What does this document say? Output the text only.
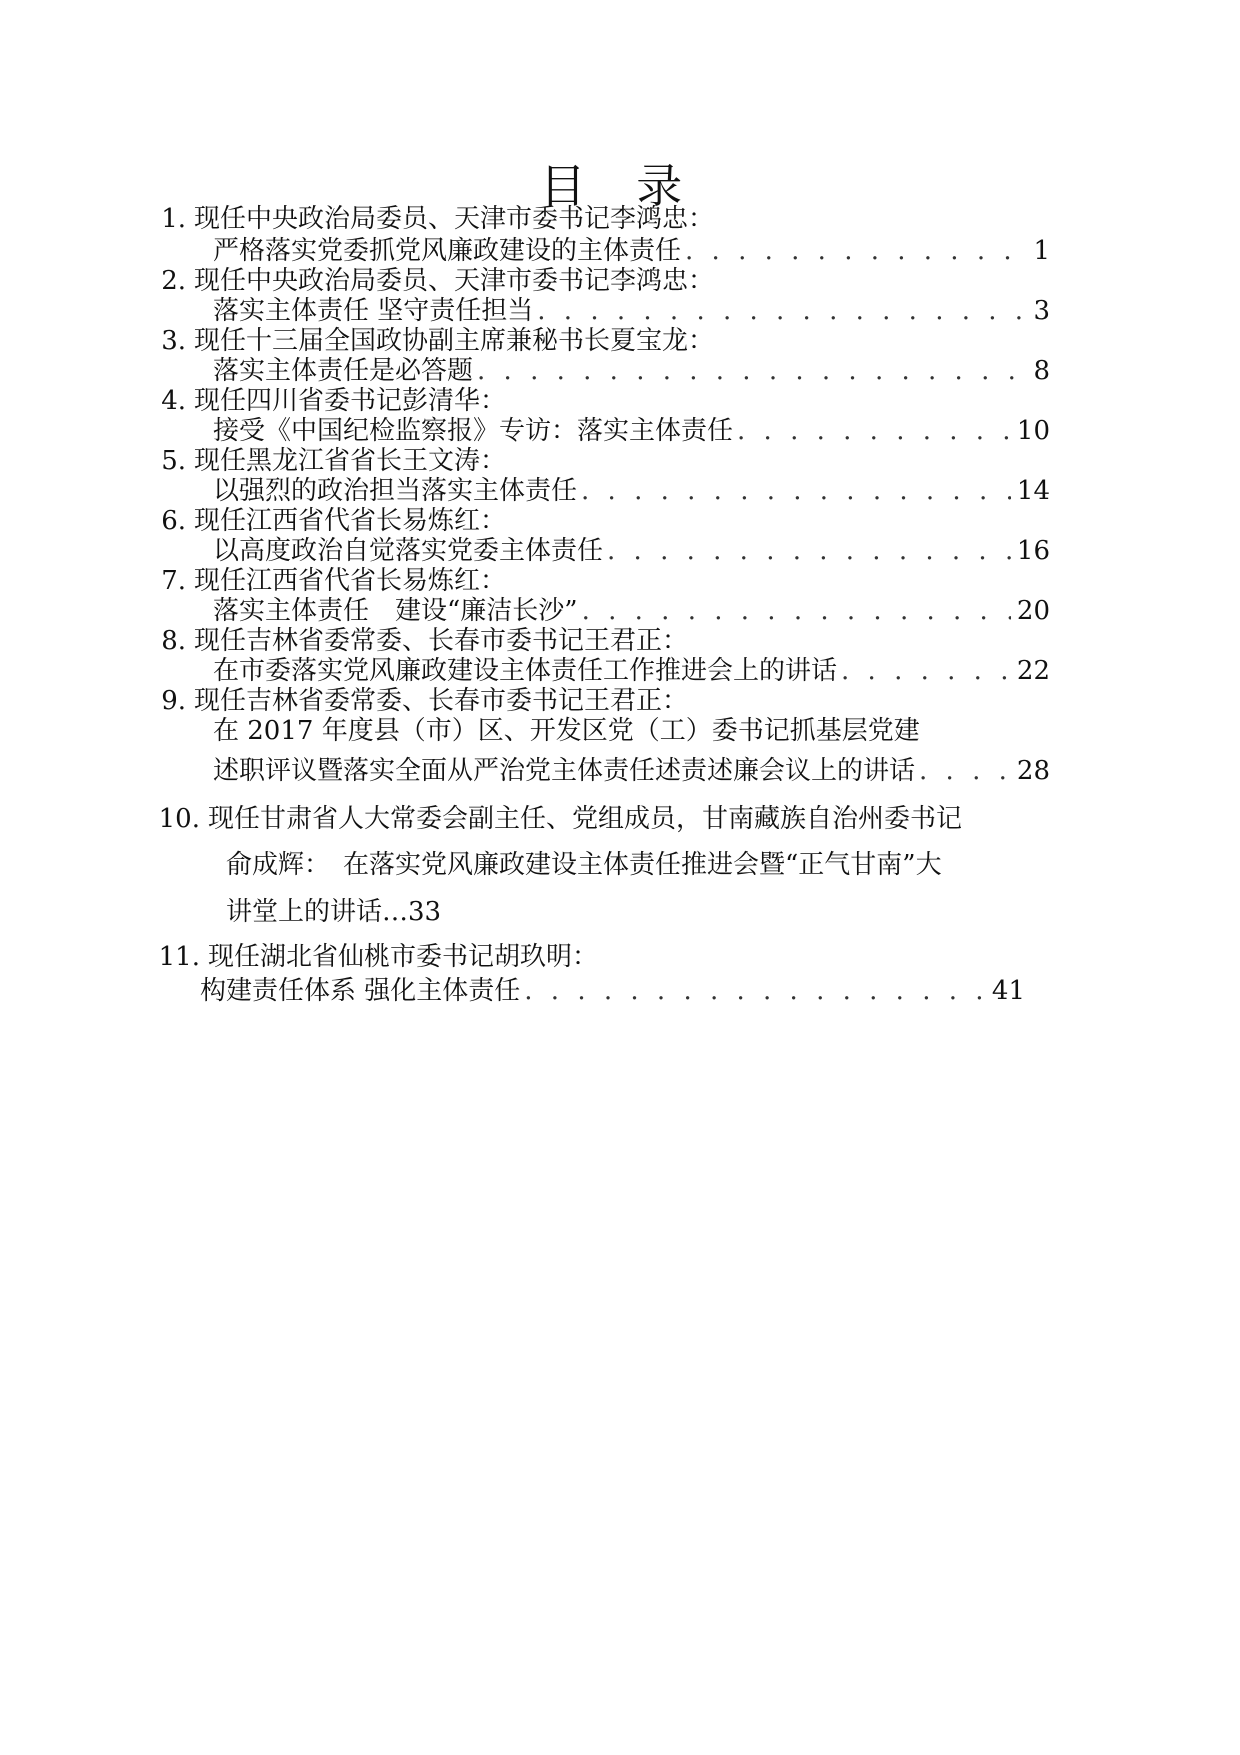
目 录
1. 现任中央政治局委员、天津市委书记李鸿忠：
严格落实党委抓党风廉政建设的主体责任 . . .	1
2. 现任中央政治局委员、天津市委书记李鸿忠：
落实主体责任 坚守责任担当 . . .	3
3. 现任十三届全国政协副主席兼秘书长夏宝龙：
落实主体责任是必答题 . . .	8
4. 现任四川省委书记彭清华：
接受《中国纪检监察报》专访：落实主体责任 . . .	10
5. 现任黑龙江省省长王文涛：
以强烈的政治担当落实主体责任 . . .	14
6. 现任江西省代省长易炼红：
以高度政治自觉落实党委主体责任 . . .	16
7. 现任江西省代省长易炼红：
落实主体责任　建设“廉洁长沙” . . .	20
8. 现任吉林省委常委、长春市委书记王君正：
在市委落实党风廉政建设主体责任工作推进会上的讲话 . . .	22
9. 现任吉林省委常委、长春市委书记王君正：
在 2017 年度县（市）区、开发区党（工）委书记抓基层党建
述职评议暨落实全面从严治党主体责任述责述廉会议上的讲话 . . .	28
10. 现任甘肃省人大常委会副主任、党组成员，甘南藏族自治州委书记
俞成辉：　在落实党风廉政建设主体责任推进会暨“正气甘南”大
讲堂上的讲话…33
11. 现任湖北省仙桃市委书记胡玖明：
构建责任体系 强化主体责任 . . .	41
